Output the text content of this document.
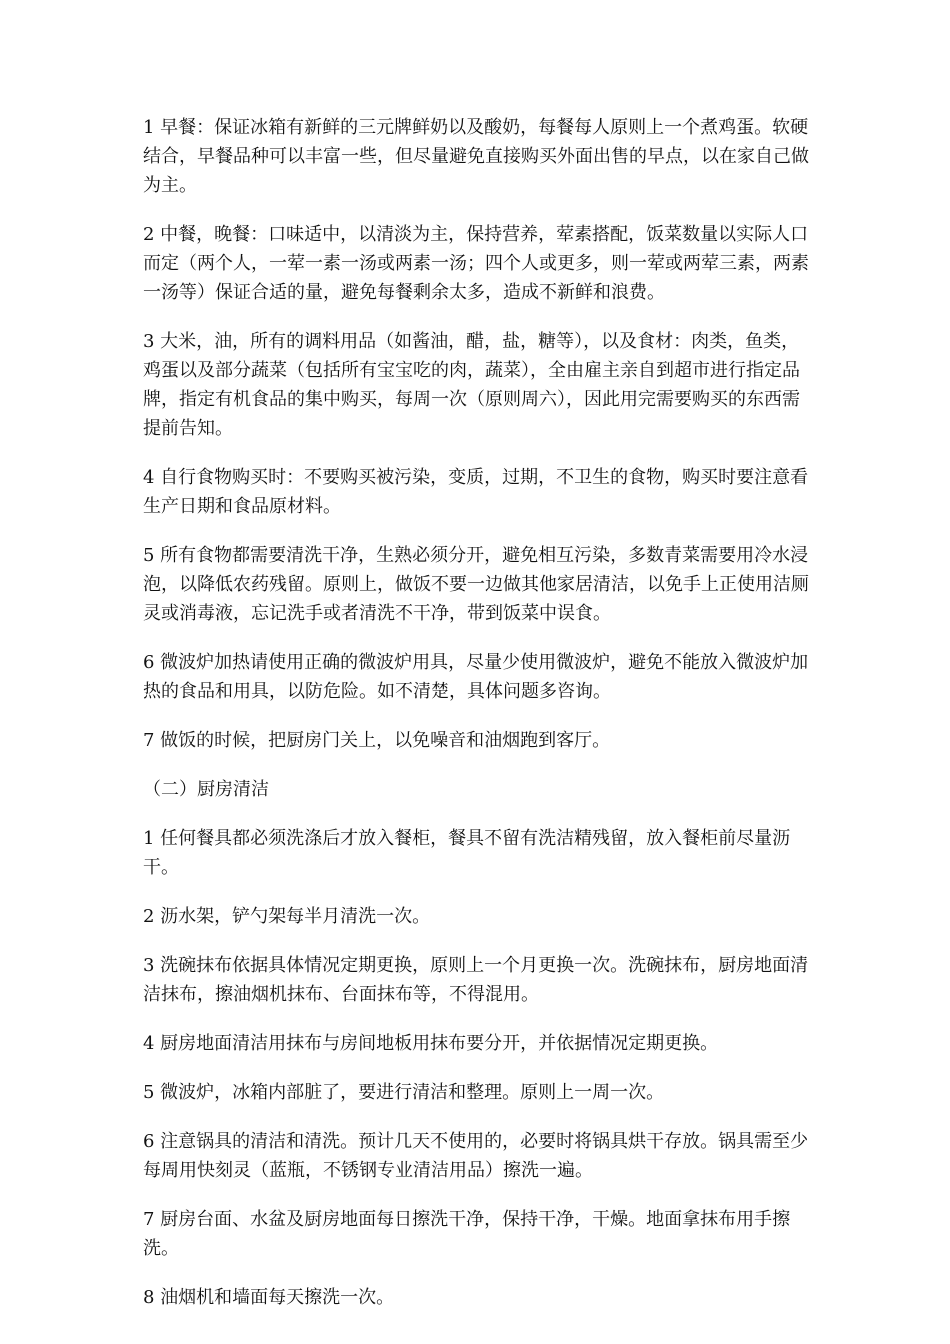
1 早餐：保证冰箱有新鲜的三元牌鲜奶以及酸奶，每餐每人原则上一个煮鸡蛋。软硬结合，早餐品种可以丰富一些，但尽量避免直接购买外面出售的早点，以在家自己做为主。

2 中餐，晚餐：口味适中，以清淡为主，保持营养，荤素搭配，饭菜数量以实际人口而定（两个人，一荤一素一汤或两素一汤；四个人或更多，则一荤或两荤三素，两素一汤等）保证合适的量，避免每餐剩余太多，造成不新鲜和浪费。

3 大米，油，所有的调料用品（如酱油，醋，盐，糖等），以及食材：肉类，鱼类，鸡蛋以及部分蔬菜（包括所有宝宝吃的肉，蔬菜），全由雇主亲自到超市进行指定品牌，指定有机食品的集中购买，每周一次（原则周六），因此用完需要购买的东西需提前告知。

4 自行食物购买时：不要购买被污染，变质，过期，不卫生的食物，购买时要注意看生产日期和食品原材料。

5 所有食物都需要清洗干净，生熟必须分开，避免相互污染，多数青菜需要用冷水浸泡，以降低农药残留。原则上，做饭不要一边做其他家居清洁，以免手上正使用洁厕灵或消毒液，忘记洗手或者清洗不干净，带到饭菜中误食。

6 微波炉加热请使用正确的微波炉用具，尽量少使用微波炉，避免不能放入微波炉加热的食品和用具，以防危险。如不清楚，具体问题多咨询。

7 做饭的时候，把厨房门关上，以免噪音和油烟跑到客厅。

（二）厨房清洁

1 任何餐具都必须洗涤后才放入餐柜，餐具不留有洗洁精残留，放入餐柜前尽量沥干。

2 沥水架，铲勺架每半月清洗一次。

3 洗碗抹布依据具体情况定期更换，原则上一个月更换一次。洗碗抹布，厨房地面清洁抹布，擦油烟机抹布、台面抹布等，不得混用。

4 厨房地面清洁用抹布与房间地板用抹布要分开，并依据情况定期更换。

5 微波炉，冰箱内部脏了，要进行清洁和整理。原则上一周一次。

6 注意锅具的清洁和清洗。预计几天不使用的，必要时将锅具烘干存放。锅具需至少每周用快刻灵（蓝瓶，不锈钢专业清洁用品）擦洗一遍。

7 厨房台面、水盆及厨房地面每日擦洗干净，保持干净，干燥。地面拿抹布用手擦洗。

8 油烟机和墙面每天擦洗一次。
